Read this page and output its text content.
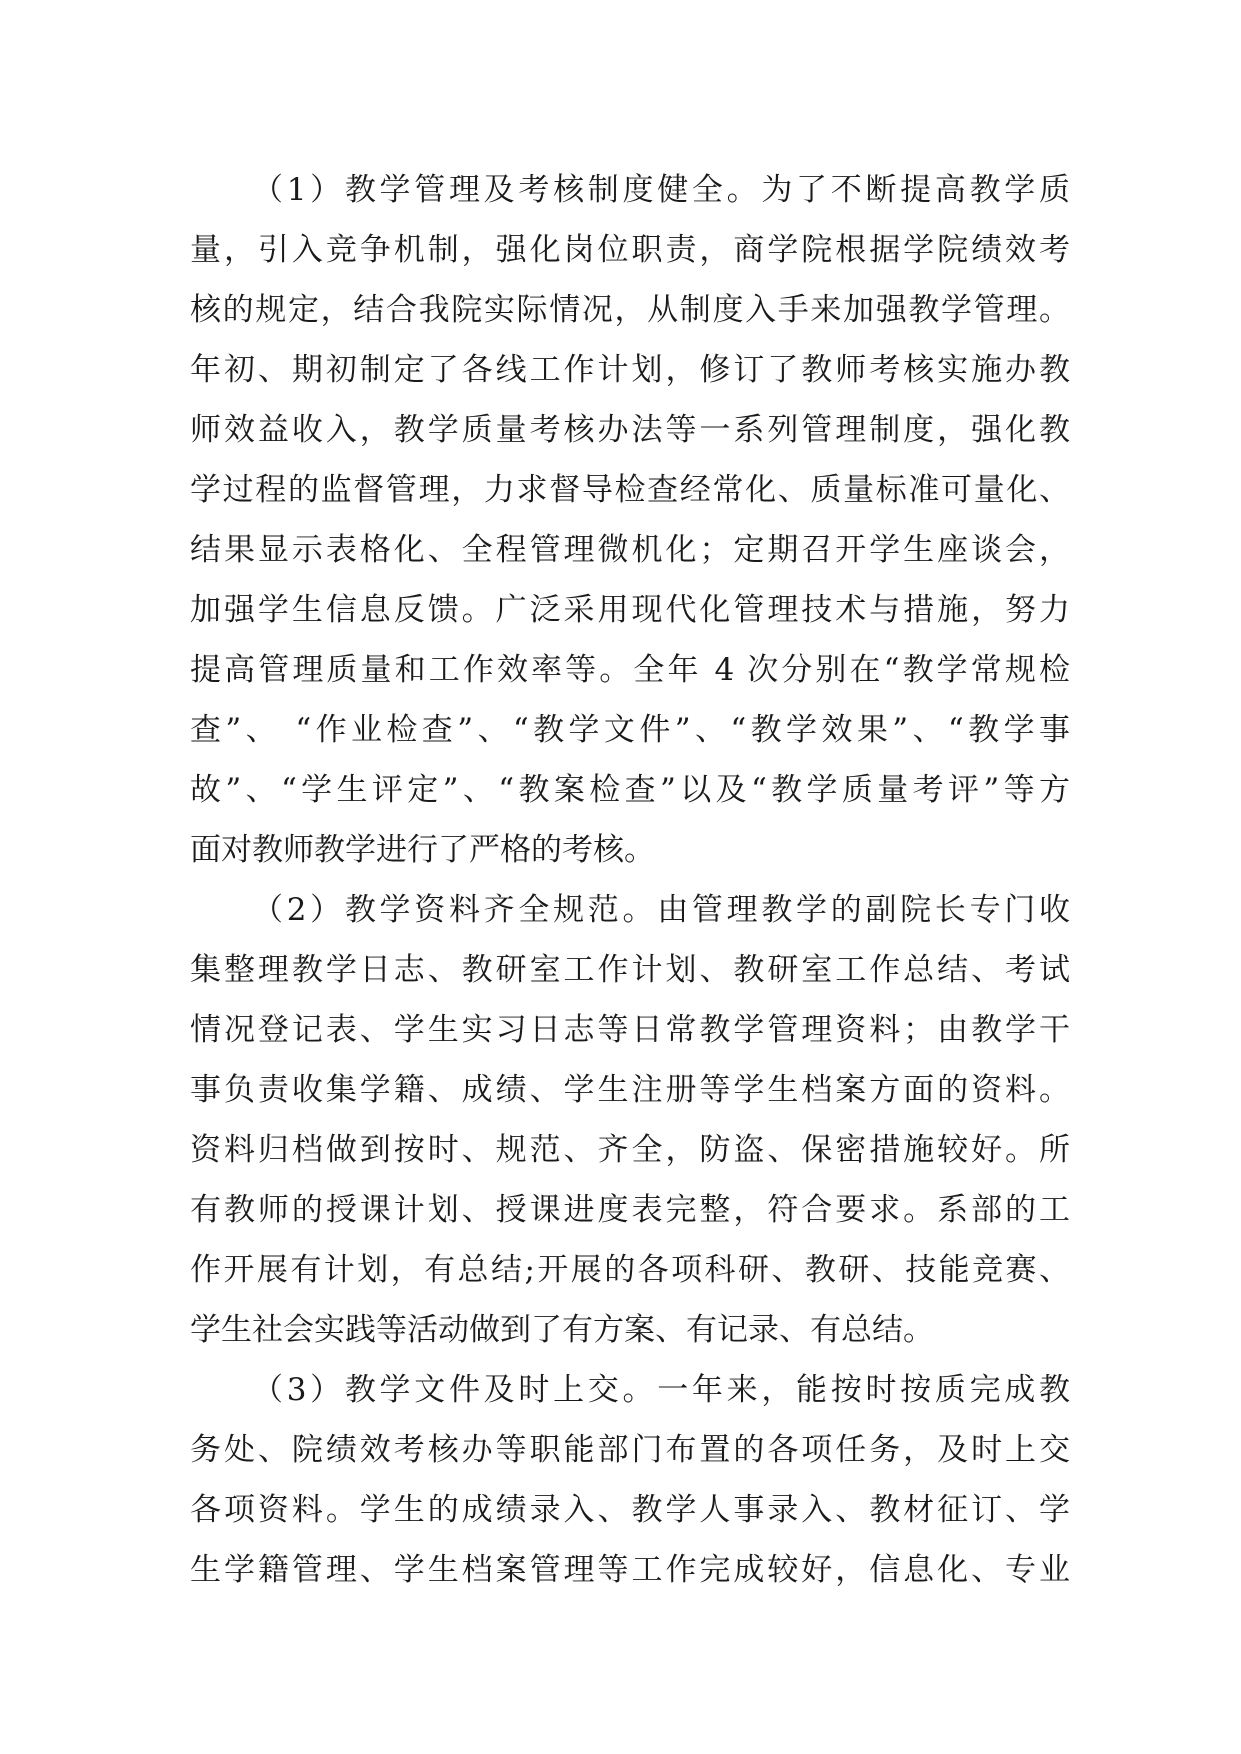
（1）教学管理及考核制度健全。为了不断提高教学质
量，引入竞争机制，强化岗位职责，商学院根据学院绩效考
核的规定，结合我院实际情况，从制度入手来加强教学管理。
年初、期初制定了各线工作计划，修订了教师考核实施办教
师效益收入，教学质量考核办法等一系列管理制度，强化教
学过程的监督管理，力求督导检查经常化、质量标准可量化、
结果显示表格化、全程管理微机化；定期召开学生座谈会，
加强学生信息反馈。广泛采用现代化管理技术与措施，努力
提高管理质量和工作效率等。全年 4 次分别在“教学常规检
查”、 “作业检查”、“教学文件”、“教学效果”、“教学事
故”、“学生评定”、“教案检查”以及“教学质量考评”等方
面对教师教学进行了严格的考核。
（2）教学资料齐全规范。由管理教学的副院长专门收
集整理教学日志、教研室工作计划、教研室工作总结、考试
情况登记表、学生实习日志等日常教学管理资料；由教学干
事负责收集学籍、成绩、学生注册等学生档案方面的资料。
资料归档做到按时、规范、齐全，防盗、保密措施较好。所
有教师的授课计划、授课进度表完整，符合要求。系部的工
作开展有计划，有总结;开展的各项科研、教研、技能竞赛、
学生社会实践等活动做到了有方案、有记录、有总结。
（3）教学文件及时上交。一年来，能按时按质完成教
务处、院绩效考核办等职能部门布置的各项任务，及时上交
各项资料。学生的成绩录入、教学人事录入、教材征订、学
生学籍管理、学生档案管理等工作完成较好，信息化、专业
